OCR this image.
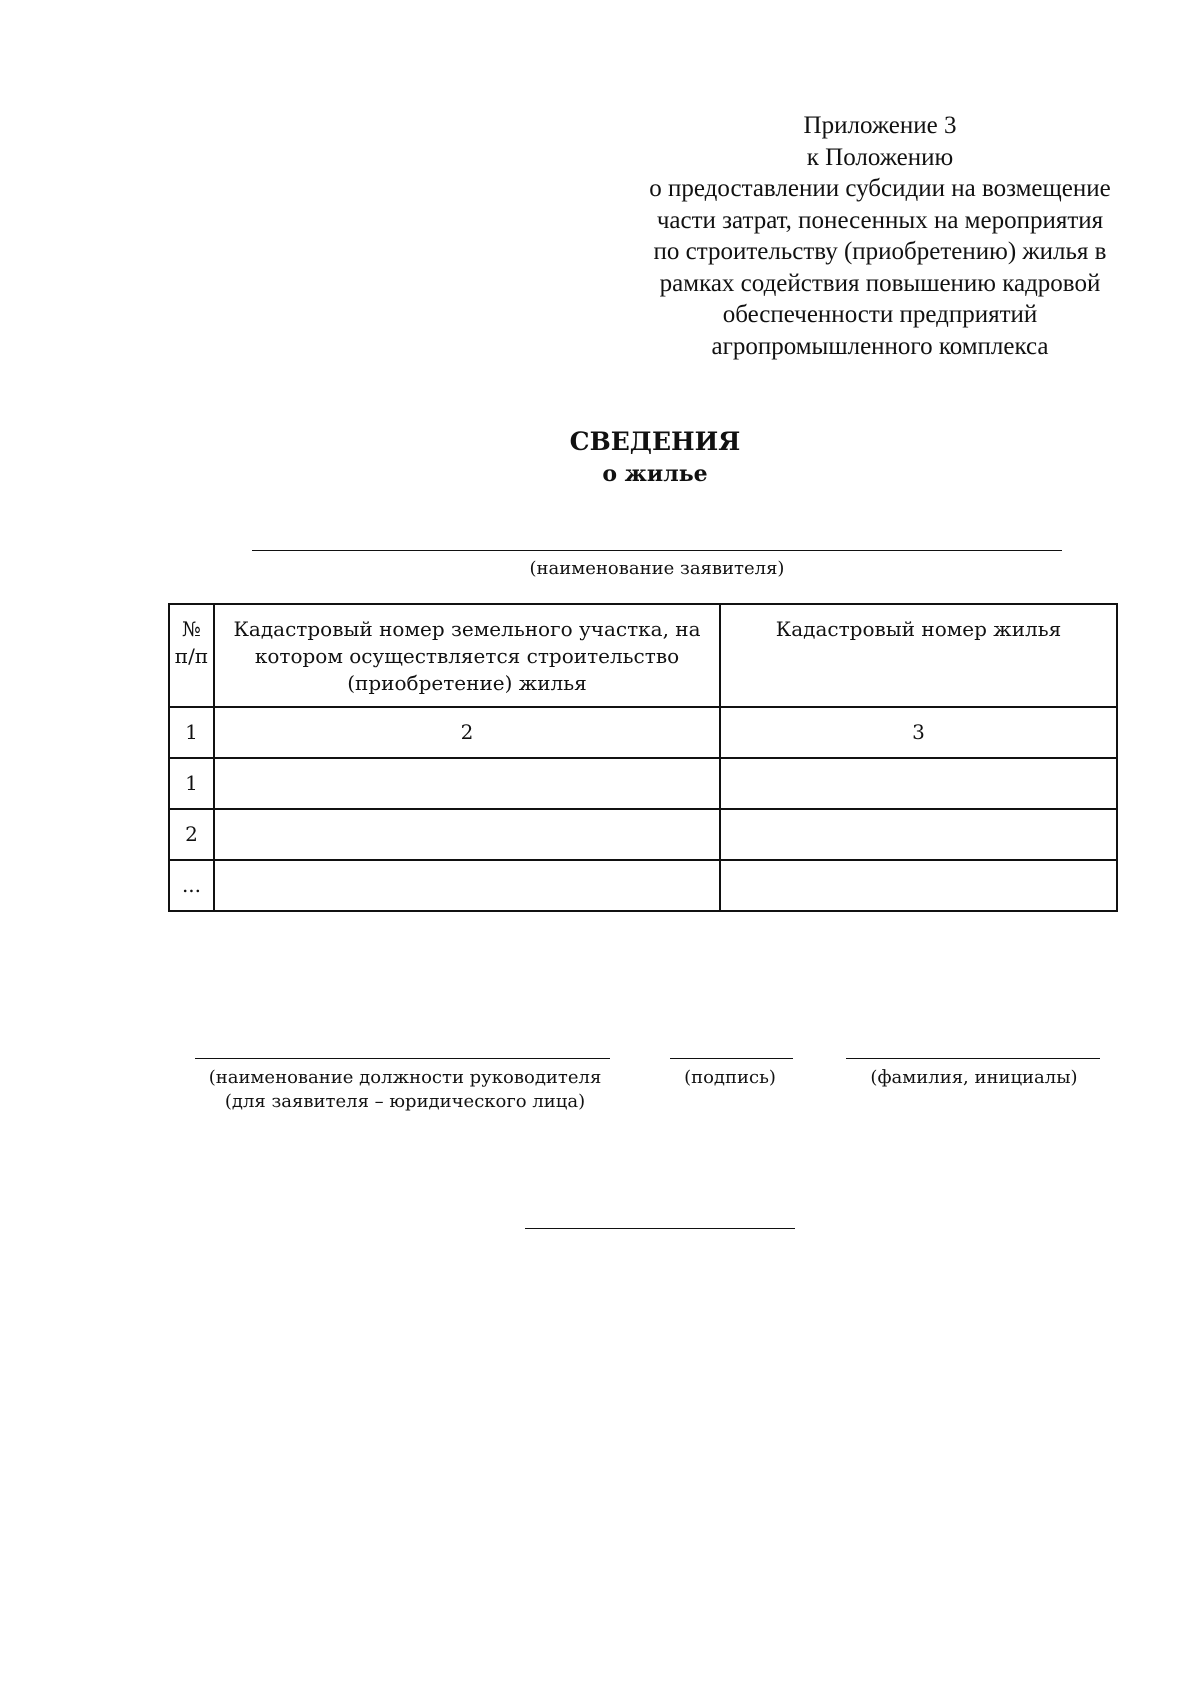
Приложение 3
к Положению
о предоставлении субсидии на возмещение
части затрат, понесенных на мероприятия
по строительству (приобретению) жилья в
рамках содействия повышению кадровой
обеспеченности предприятий
агропромышленного комплекса
СВЕДЕНИЯ
о жилье
(наименование заявителя)
№ п/п	Кадастровый номер земельного участка, на котором осуществляется строительство (приобретение) жилья	Кадастровый номер жилья
1	2	3
1		
2		
...		
(наименование должности руководителя
(для заявителя – юридического лица)
(подпись)	(фамилия, инициалы)
